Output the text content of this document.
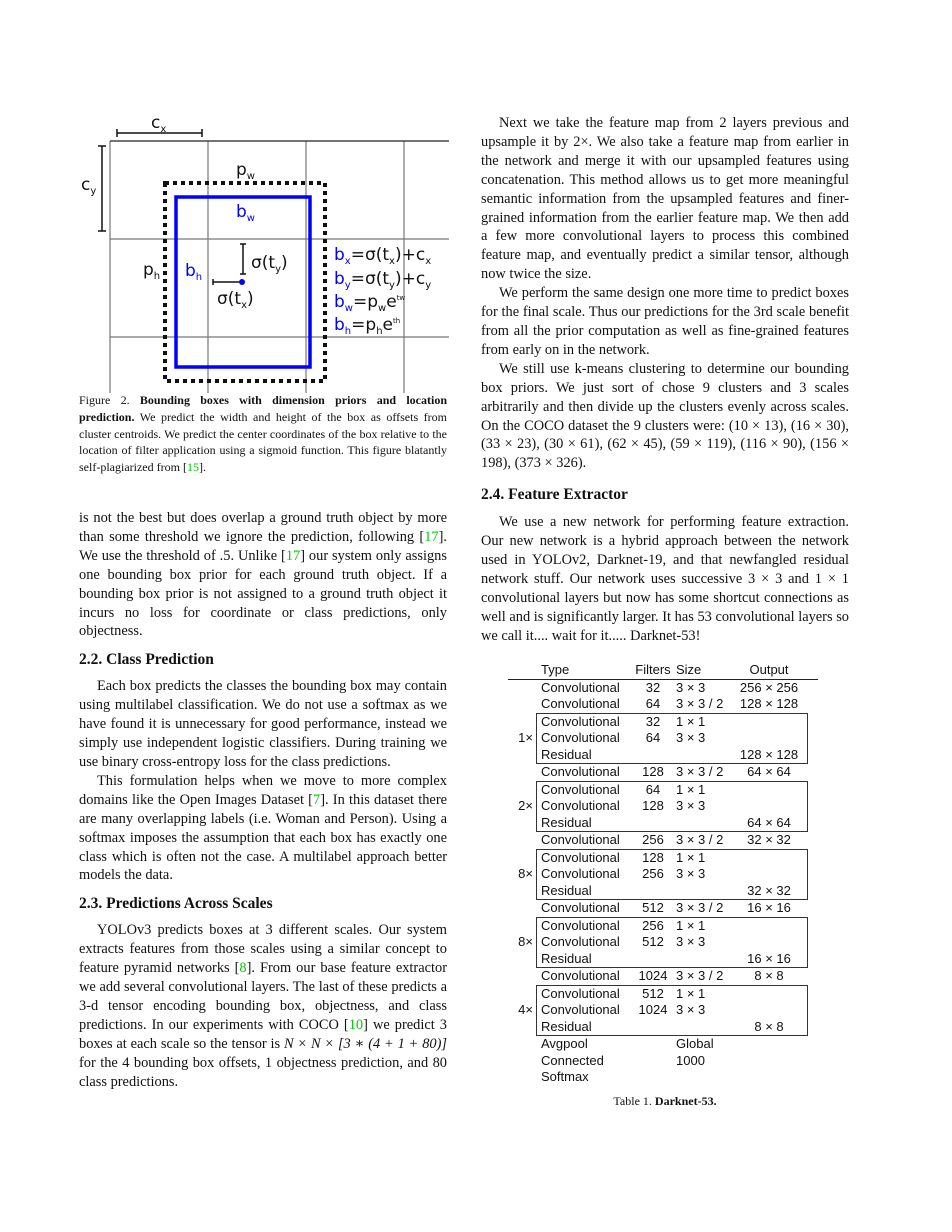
$c_x$
$c_y$
$p_w$
$b_w$
$p_h$ $b_h$
$\sigma(t_y)$
$\sigma(t_x)$
$b_x=\sigma(t_x)+c_x$
$b_y=\sigma(t_y)+c_y$
$b_w=p_we^{tw}$
$b_h=p_he^{th}$
Figure 2. Bounding boxes with dimension priors and location prediction. We predict the width and height of the box as offsets from cluster centroids. We predict the center coordinates of the box relative to the location of filter application using a sigmoid function. This figure blatantly self-plagiarized from [15].

is not the best but does overlap a ground truth object by more than some threshold we ignore the prediction, following [17]. We use the threshold of .5. Unlike [17] our system only assigns one bounding box prior for each ground truth object. If a bounding box prior is not assigned to a ground truth object it incurs no loss for coordinate or class predictions, only objectness.

2.2. Class Prediction

Each box predicts the classes the bounding box may contain using multilabel classification. We do not use a softmax as we have found it is unnecessary for good performance, instead we simply use independent logistic classifiers. During training we use binary cross-entropy loss for the class predictions.

This formulation helps when we move to more complex domains like the Open Images Dataset [7]. In this dataset there are many overlapping labels (i.e. Woman and Person). Using a softmax imposes the assumption that each box has exactly one class which is often not the case. A multilabel approach better models the data.

2.3. Predictions Across Scales

YOLOv3 predicts boxes at 3 different scales. Our system extracts features from those scales using a similar concept to feature pyramid networks [8]. From our base feature extractor we add several convolutional layers. The last of these predicts a 3-d tensor encoding bounding box, objectness, and class predictions. In our experiments with COCO [10] we predict 3 boxes at each scale so the tensor is N × N × [3 ∗ (4 + 1 + 80)] for the 4 bounding box offsets, 1 objectness prediction, and 80 class predictions.

Next we take the feature map from 2 layers previous and upsample it by 2×. We also take a feature map from earlier in the network and merge it with our upsampled features using concatenation. This method allows us to get more meaningful semantic information from the upsampled features and finer-grained information from the earlier feature map. We then add a few more convolutional layers to process this combined feature map, and eventually predict a similar tensor, although now twice the size.

We perform the same design one more time to predict boxes for the final scale. Thus our predictions for the 3rd scale benefit from all the prior computation as well as fine-grained features from early on in the network.

We still use k-means clustering to determine our bounding box priors. We just sort of chose 9 clusters and 3 scales arbitrarily and then divide up the clusters evenly across scales. On the COCO dataset the 9 clusters were: (10 × 13), (16 × 30), (33 × 23), (30 × 61), (62 × 45), (59 × 119), (116 × 90), (156 × 198), (373 × 326).

2.4. Feature Extractor

We use a new network for performing feature extraction. Our new network is a hybrid approach between the network used in YOLOv2, Darknet-19, and that newfangled residual network stuff. Our network uses successive 3 × 3 and 1 × 1 convolutional layers but now has some shortcut connections as well and is significantly larger. It has 53 convolutional layers so we call it.... wait for it..... Darknet-53!

Type	Filters Size	Output
Convolutional	32	3 × 3	256 × 256
Convolutional	64	3 × 3 / 2	128 × 128
1×
Convolutional	32	1 × 1
Convolutional	64	3 × 3
Residual	128 × 128
Convolutional	128 3 × 3 / 2	64 × 64
2×
Convolutional	64	1 × 1
Convolutional	128 3 × 3
Residual	64 × 64
Convolutional	256 3 × 3 / 2	32 × 32
8×
Convolutional	128 1 × 1
Convolutional	256 3 × 3
Residual	32 × 32
Convolutional	512 3 × 3 / 2	16 × 16
8×
Convolutional	256 1 × 1
Convolutional	512 3 × 3
Residual	16 × 16
Convolutional	1024 3 × 3 / 2	8 × 8
4×
Convolutional	512 1 × 1
Convolutional	1024 3 × 3
Residual	8 × 8
Avgpool	Global
Connected	1000
Softmax
Table 1. Darknet-53.
